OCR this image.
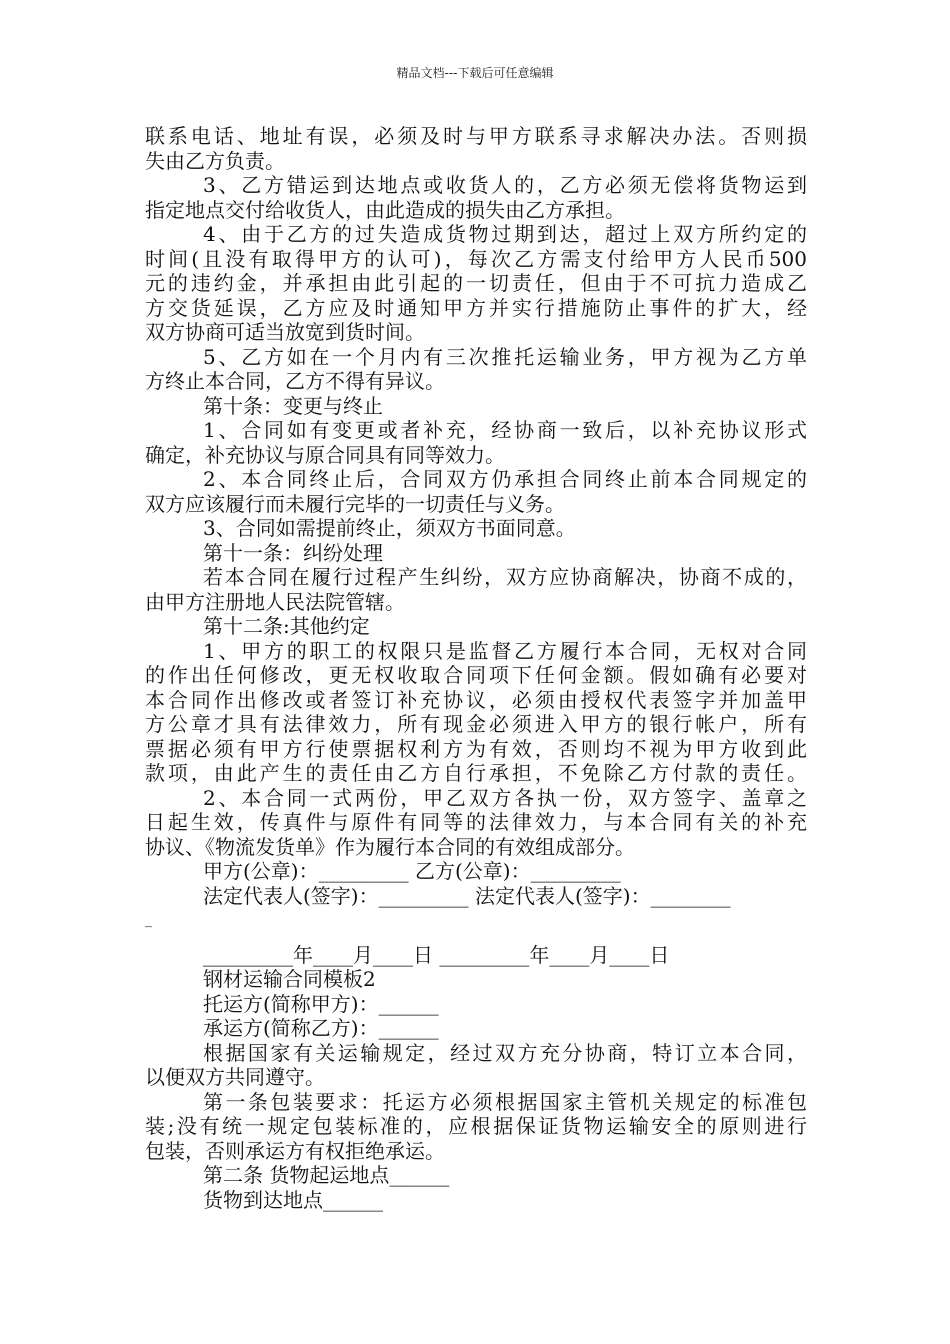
精品文档---下载后可任意编辑
联系电话、地址有误，必须及时与甲方联系寻求解决办法。否则损
失由乙方负责。
3、乙方错运到达地点或收货人的，乙方必须无偿将货物运到
指定地点交付给收货人，由此造成的损失由乙方承担。
4、由于乙方的过失造成货物过期到达，超过上双方所约定的
时间(且没有取得甲方的认可)，每次乙方需支付给甲方人民币500
元的违约金，并承担由此引起的一切责任，但由于不可抗力造成乙
方交货延误，乙方应及时通知甲方并实行措施防止事件的扩大，经
双方协商可适当放宽到货时间。
5、乙方如在一个月内有三次推托运输业务，甲方视为乙方单
方终止本合同，乙方不得有异议。
第十条：变更与终止
1、合同如有变更或者补充，经协商一致后，以补充协议形式
确定，补充协议与原合同具有同等效力。
2、本合同终止后，合同双方仍承担合同终止前本合同规定的
双方应该履行而未履行完毕的一切责任与义务。
3、合同如需提前终止，须双方书面同意。
第十一条：纠纷处理
若本合同在履行过程产生纠纷，双方应协商解决，协商不成的，
由甲方注册地人民法院管辖。
第十二条:其他约定
1、甲方的职工的权限只是监督乙方履行本合同，无权对合同
的作出任何修改，更无权收取合同项下任何金额。假如确有必要对
本合同作出修改或者签订补充协议，必须由授权代表签字并加盖甲
方公章才具有法律效力，所有现金必须进入甲方的银行帐户，所有
票据必须有甲方行使票据权利方为有效，否则均不视为甲方收到此
款项，由此产生的责任由乙方自行承担，不免除乙方付款的责任。
2、本合同一式两份，甲乙双方各执一份，双方签字、盖章之
日起生效，传真件与原件有同等的法律效力，与本合同有关的补充
协议、《物流发货单》作为履行本合同的有效组成部分。
甲方(公章)：_________ 乙方(公章)：_________
法定代表人(签字)：_________ 法定代表人(签字)：________
_
_________年____月____日 _________年____月____日
钢材运输合同模板2
托运方(简称甲方)：______
承运方(简称乙方)：______
根据国家有关运输规定，经过双方充分协商，特订立本合同，
以便双方共同遵守。
第一条包装要求：托运方必须根据国家主管机关规定的标准包
装;没有统一规定包装标准的，应根据保证货物运输安全的原则进行
包装，否则承运方有权拒绝承运。
第二条 货物起运地点______
货物到达地点______
